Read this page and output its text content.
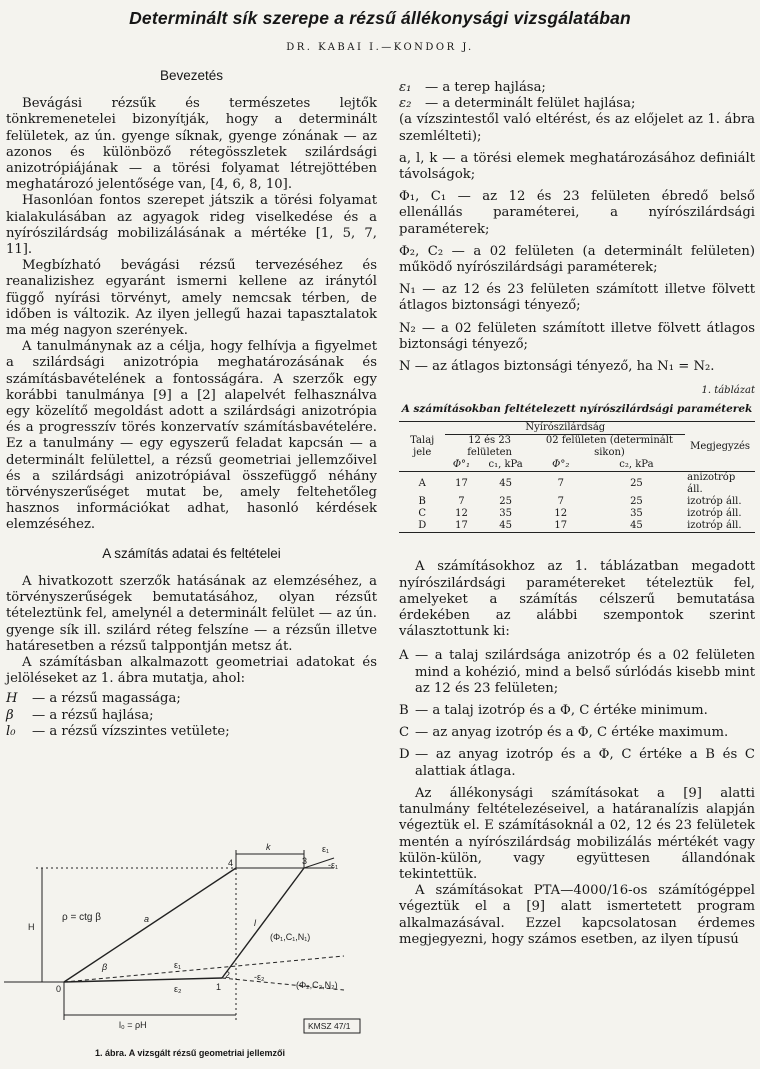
Determinált sík szerepe a rézsű állékonysági vizsgálatában
DR. KABAI I.—KONDOR J.
Bevezetés

Bevágási rézsűk és természetes lejtők tönkremenetelei bizonyítják, hogy a determinált felületek, az ún. gyenge síknak, gyenge zónának — az azonos és különböző rétegösszletek szilárdsági anizotrópiájának — a törési folyamat létrejöttében meghatározó jelentősége van, [4, 6, 8, 10].

Hasonlóan fontos szerepet játszik a törési folyamat kialakulásában az agyagok rideg viselkedése és a nyírószilárdság mobilizálásának a mértéke [1, 5, 7, 11].

Megbízható bevágási rézsű tervezéséhez és reanalizishez egyaránt ismerni kellene az iránytól függő nyírási törvényt, amely nemcsak térben, de időben is változik. Az ilyen jellegű hazai tapasztalatok ma még nagyon szerények.

A tanulmánynak az a célja, hogy felhívja a figyelmet a szilárdsági anizotrópia meghatározásának és számításbavételének a fontosságára. A szerzők egy korábbi tanulmánya [9] a [2] alapelvét felhasználva egy közelítő megoldást adott a szilárdsági anizotrópia és a progresszív törés konzervatív számításbavételére. Ez a tanulmány — egy egyszerű feladat kapcsán — a determinált felülettel, a rézsű geometriai jellemzőivel és a szilárdsági anizotrópiával összefüggő néhány törvényszerűséget mutat be, amely feltehetőleg hasznos információkat adhat, hasonló kérdések elemzéséhez.

A számítás adatai és feltételei

A hivatkozott szerzők hatásának az elemzéséhez, a törvényszerűségek bemutatásához, olyan rézsűt tételeztünk fel, amelynél a determinált felület — az ún. gyenge sík ill. szilárd réteg felszíne — a rézsűn illetve határesetben a rézsű talppontján metsz át.

A számításban alkalmazott geometriai adatokat és jelöléseket az 1. ábra mutatja, ahol:

H	— a rézsű magassága;
β	— a rézsű hajlása;
l₀	— a rézsű vízszintes vetülete;
ρ = ctg β
k
a	l
H
β	ε₁
ε₂
ε₁
-ε₁
-ε₂
(Φ₁,C₁,N₁)
(Φ₂,C₂,N₂)
l₀ = ρH
0	1
2
3
4
KMSZ 47/1
1. ábra. A vizsgált rézsű geometriai jellemzői
ε₁	— a terep hajlása;
ε₂	— a determinált felület hajlása;
(a vízszintestől való eltérést, és az előjelet az 1. ábra szemlélteti);
a, l, k — a törési elemek meghatározásához definiált távolságok;
Φ₁, C₁ — az 12 és 23 felületen ébredő belső ellenállás paraméterei, a nyírószilárdsági paraméterek;
Φ₂, C₂ — a 02 felületen (a determinált felületen) működő nyírószilárdsági paraméterek;
N₁ — az 12 és 23 felületen számított illetve fölvett átlagos biztonsági tényező;
N₂ — a 02 felületen számított illetve fölvett átlagos biztonsági tényező;
N — az átlagos biztonsági tényező, ha N₁ = N₂.
1. táblázat
A számításokban feltételezett nyírószilárdsági paraméterek
Talaj jele	Nyírószilárdság				Megjegyzés
	12 és 23 felületen		02 felületen (determinált sikon)		
	Φ°₁	c₁, kPa	Φ°₂	c₂, kPa	
A	17	45	7	25	anizotróp áll.
B	7	25	7	25	izotróp áll.
C	12	35	12	35	izotróp áll.
D	17	45	17	45	izotróp áll.

A számításokhoz az 1. táblázatban megadott nyírószilárdsági paramétereket tételeztük fel, amelyeket a számítás célszerű bemutatása érdekében az alábbi szempontok szerint választottunk ki:

A — a talaj szilárdsága anizotróp és a 02 felületen mind a kohézió, mind a belső súrlódás kisebb mint az 12 és 23 felületen;
B — a talaj izotróp és a Φ, C értéke minimum.
C — az anyag izotróp és a Φ, C értéke maximum.
D — az anyag izotróp és a Φ, C értéke a B és C alattiak átlaga.

Az állékonysági számításokat a [9] alatti tanulmány feltételezéseivel, a határanalízis alapján végeztük el. E számításoknál a 02, 12 és 23 felületek mentén a nyírószilárdság mobilizálás mértékét vagy külön-külön, vagy együttesen állandónak tekintettük.

A számításokat PTA—4000/16-os számítógéppel végeztük el a [9] alatt ismertetett program alkalmazásával. Ezzel kapcsolatosan érdemes megjegyezni, hogy számos esetben, az ilyen típusú
